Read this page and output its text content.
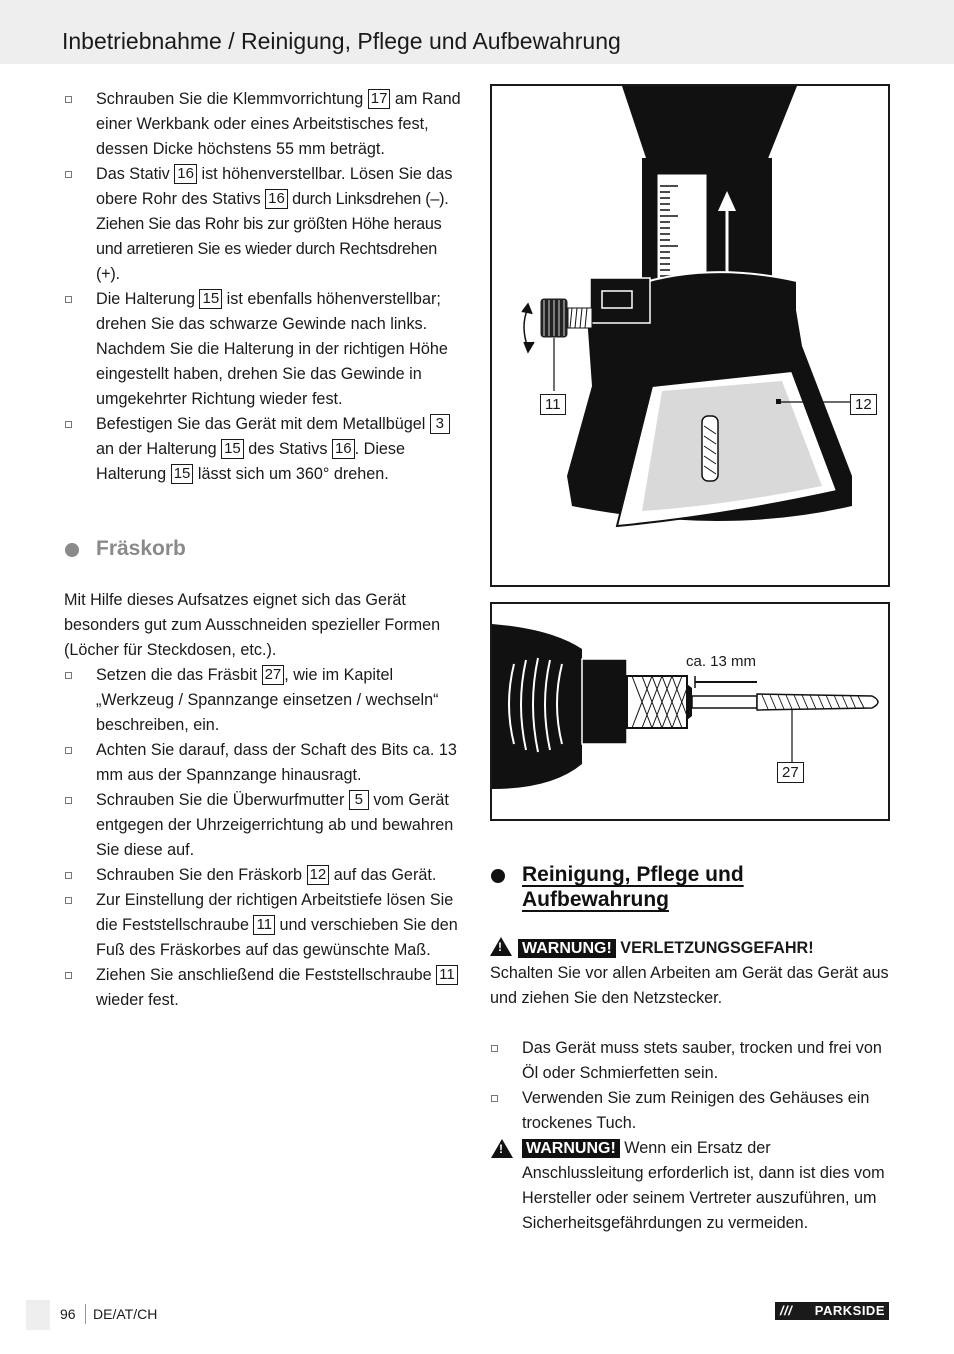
Inbetriebnahme / Reinigung, Pflege und Aufbewahrung
Schrauben Sie die Klemmvorrichtung 17 am Rand einer Werkbank oder eines Arbeitstisches fest, dessen Dicke höchstens 55 mm beträgt.
Das Stativ 16 ist höhenverstellbar. Lösen Sie das obere Rohr des Stativs 16 durch Linksdrehen (–). Ziehen Sie das Rohr bis zur größten Höhe heraus und arretieren Sie es wieder durch Rechtsdrehen (+).
Die Halterung 15 ist ebenfalls höhenverstellbar; drehen Sie das schwarze Gewinde nach links. Nachdem Sie die Halterung in der richtigen Höhe eingestellt haben, drehen Sie das Gewinde in umgekehrter Richtung wieder fest.
Befestigen Sie das Gerät mit dem Metallbügel 3 an der Halterung 15 des Stativs 16 . Diese Halterung 15 lässt sich um 360° drehen.
Fräskorb
Mit Hilfe dieses Aufsatzes eignet sich das Gerät besonders gut zum Ausschneiden spezieller Formen (Löcher für Steckdosen, etc.).
Setzen die das Fräsbit 27 , wie im Kapitel „Werkzeug / Spannzange einsetzen / wechseln“ beschreiben, ein.
Achten Sie darauf, dass der Schaft des Bits ca. 13 mm aus der Spannzange hinausragt.
Schrauben Sie die Überwurfmutter 5 vom Gerät entgegen der Uhrzeigerrichtung ab und bewahren Sie diese auf.
Schrauben Sie den Fräskorb 12 auf das Gerät.
Zur Einstellung der richtigen Arbeitstiefe lösen Sie die Feststellschraube 11 und verschieben Sie den Fuß des Fräskorbes auf das gewünschte Maß.
Ziehen Sie anschließend die Feststellschraube 11 wieder fest.
20
15
10
11	12
ca. 13 mm
27
Reinigung, Pflege und
Aufbewahrung
!WARNUNG! VERLETZUNGSGEFAHR!
Schalten Sie vor allen Arbeiten am Gerät das Gerät aus und ziehen Sie den Netzstecker.
Das Gerät muss stets sauber, trocken und frei von Öl oder Schmierfetten sein.
Verwenden Sie zum Reinigen des Gehäuses ein trockenes Tuch.
!
WARNUNG! Wenn ein Ersatz der Anschlussleitung erforderlich ist, dann ist dies vom Hersteller oder seinem Vertreter auszuführen, um Sicherheitsgefährdungen zu vermeiden.
96 DE/AT/CH	/// PARKSIDE
